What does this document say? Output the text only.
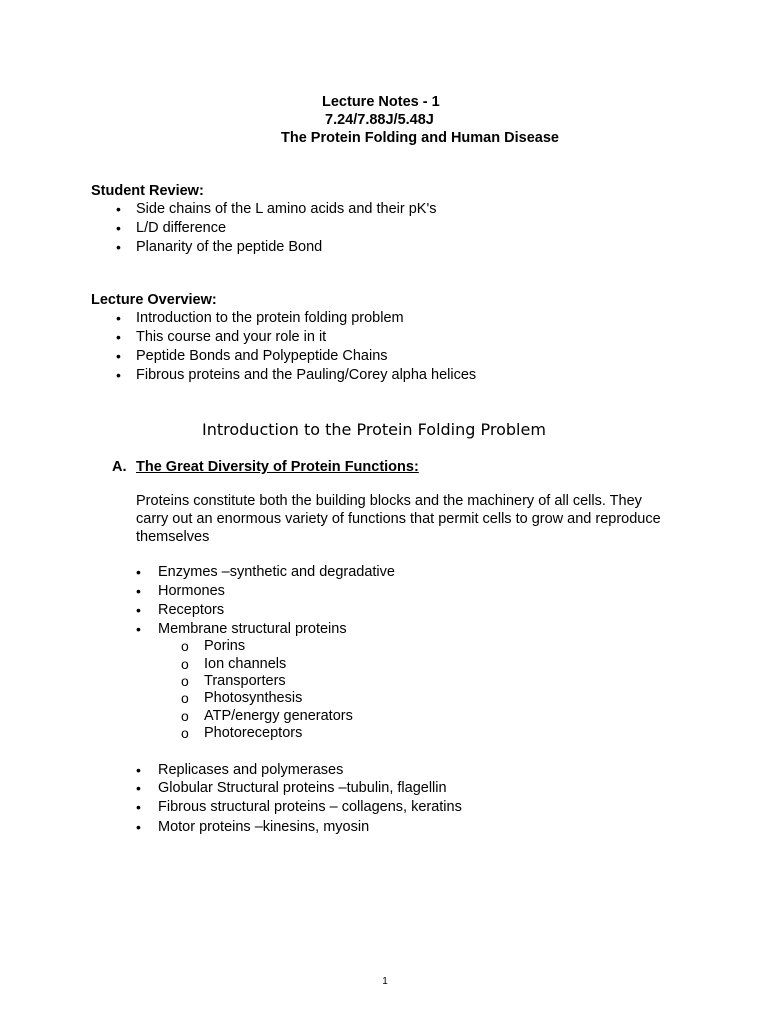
Lecture Notes - 1
7.24/7.88J/5.48J
The Protein Folding and Human Disease
Student Review:
• Side chains of the L amino acids and their pK's
• L/D difference
• Planarity of the peptide Bond
Lecture Overview:
• Introduction to the protein folding problem
• This course and your role in it
• Peptide Bonds and Polypeptide Chains
• Fibrous proteins and the Pauling/Corey alpha helices
Introduction to the Protein Folding Problem
A. The Great Diversity of Protein Functions:
Proteins constitute both the building blocks and the machinery of all cells. They carry out an enormous variety of functions that permit cells to grow and reproduce themselves
• Enzymes –synthetic and degradative
• Hormones
• Receptors
• Membrane structural proteins
o Porins
o Ion channels
o Transporters
o Photosynthesis
o ATP/energy generators
o Photoreceptors
• Replicases and polymerases
• Globular Structural proteins –tubulin, flagellin
• Fibrous structural proteins – collagens, keratins
• Motor proteins –kinesins, myosin
1
